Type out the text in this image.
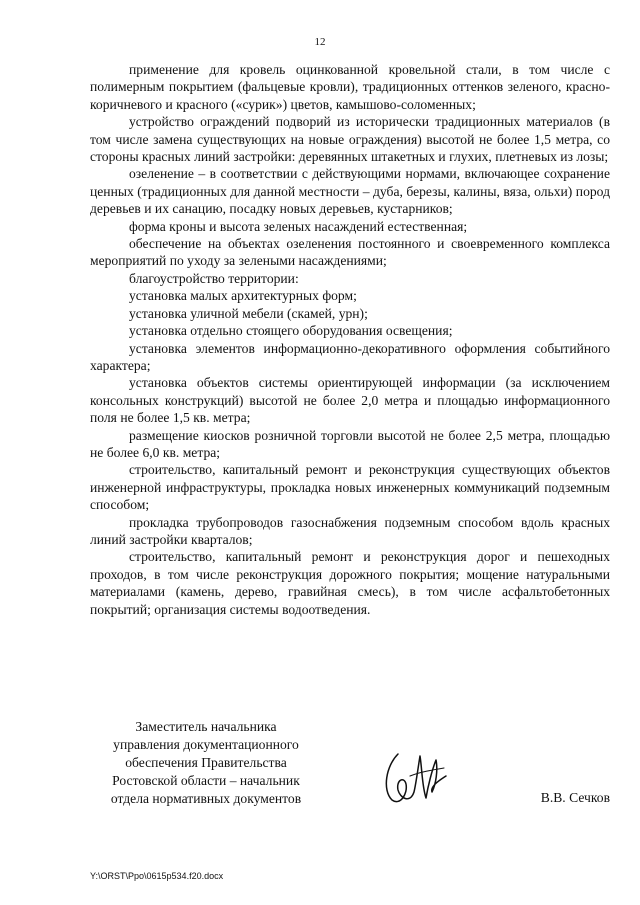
12

применение для кровель оцинкованной кровельной стали, в том числе с полимерным покрытием (фальцевые кровли), традиционных оттенков зеленого, красно-коричневого и красного («сурик») цветов, камышово-соломенных;

устройство ограждений подворий из исторически традиционных материалов (в том числе замена существующих на новые ограждения) высотой не более 1,5 метра, со стороны красных линий застройки: деревянных штакетных и глухих, плетневых из лозы;

озеленение – в соответствии с действующими нормами, включающее сохранение ценных (традиционных для данной местности – дуба, березы, калины, вяза, ольхи) пород деревьев и их санацию, посадку новых деревьев, кустарников;

форма кроны и высота зеленых насаждений естественная;

обеспечение на объектах озеленения постоянного и своевременного комплекса мероприятий по уходу за зелеными насаждениями;

благоустройство территории:

установка малых архитектурных форм;

установка уличной мебели (скамей, урн);

установка отдельно стоящего оборудования освещения;

установка элементов информационно-декоративного оформления событийного характера;

установка объектов системы ориентирующей информации (за исключением консольных конструкций) высотой не более 2,0 метра и площадью информационного поля не более 1,5 кв. метра;

размещение киосков розничной торговли высотой не более 2,5 метра, площадью не более 6,0 кв. метра;

строительство, капитальный ремонт и реконструкция существующих объектов инженерной инфраструктуры, прокладка новых инженерных коммуникаций подземным способом;

прокладка трубопроводов газоснабжения подземным способом вдоль красных линий застройки кварталов;

строительство, капитальный ремонт и реконструкция дорог и пешеходных проходов, в том числе реконструкция дорожного покрытия; мощение натуральными материалами (камень, дерево, гравийная смесь), в том числе асфальтобетонных покрытий; организация системы водоотведения.

Заместитель начальника
управления документационного
обеспечения Правительства
Ростовской области – начальник
отдела нормативных документов	В.В. Сечков
Y:\ORST\Ppo\0615p534.f20.docx
